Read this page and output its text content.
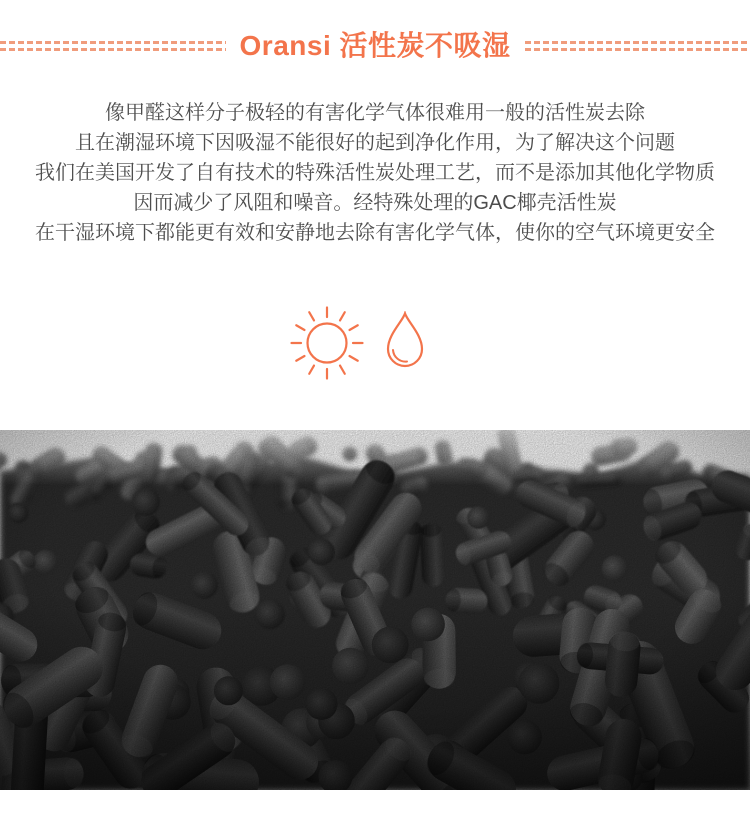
Oransi 活性炭不吸湿
像甲醛这样分子极轻的有害化学气体很难用一般的活性炭去除
且在潮湿环境下因吸湿不能很好的起到净化作用，为了解决这个问题
我们在美国开发了自有技术的特殊活性炭处理工艺，而不是添加其他化学物质
因而减少了风阻和噪音。经特殊处理的GAC椰壳活性炭
在干湿环境下都能更有效和安静地去除有害化学气体，使你的空气环境更安全
